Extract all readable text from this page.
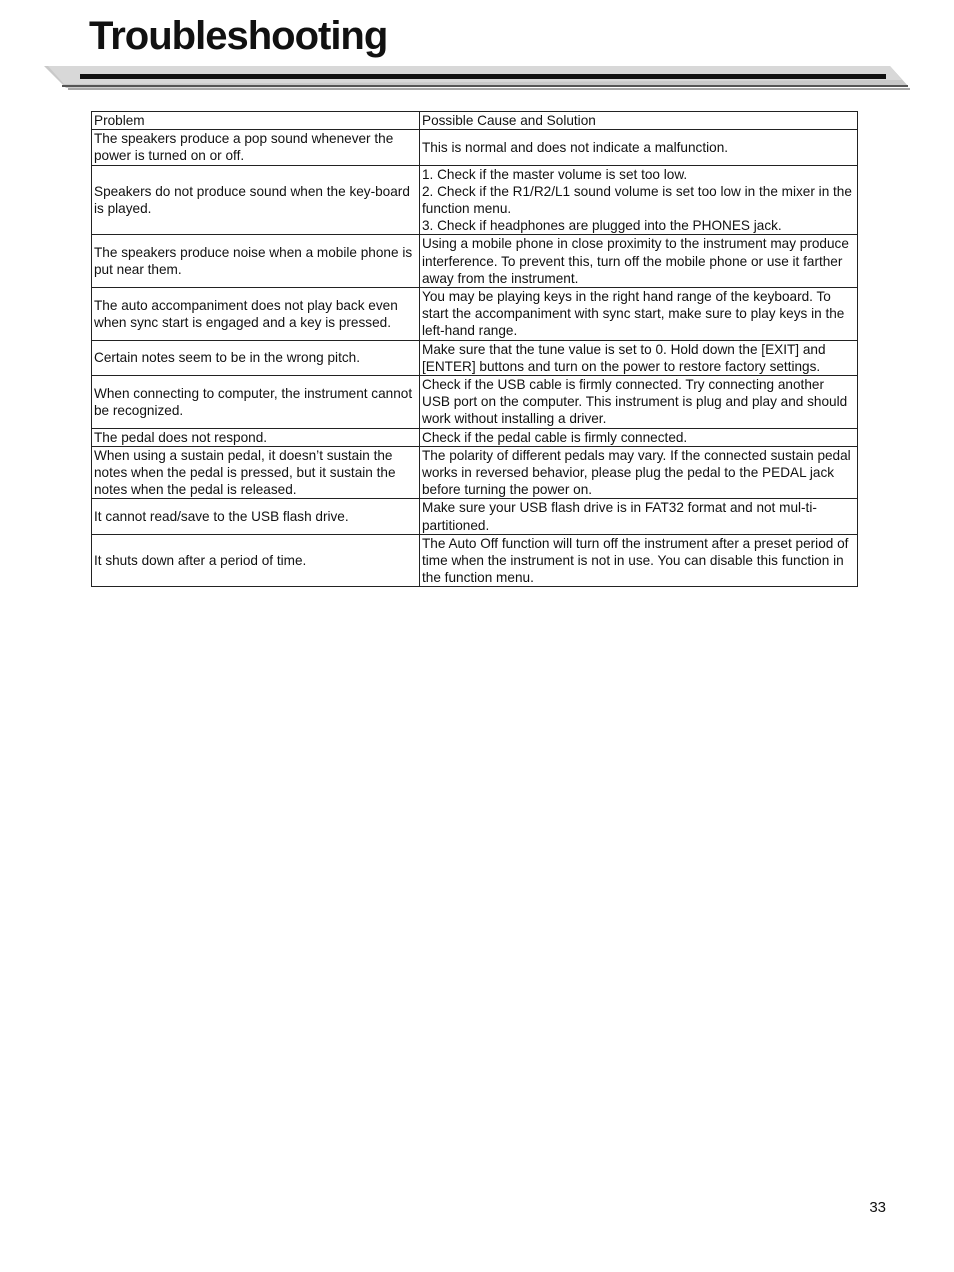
Troubleshooting
Problem	Possible Cause and Solution
The speakers produce a pop sound whenever the power is turned on or off.	This is normal and does not indicate a malfunction.
Speakers do not produce sound when the key-board is played.	1. Check if the master volume is set too low.
2. Check if the R1/R2/L1 sound volume is set too low in the mixer in the function menu.
3. Check if headphones are plugged into the PHONES jack.
The speakers produce noise when a mobile phone is put near them.	Using a mobile phone in close proximity to the instrument may produce interference. To prevent this, turn off the mobile phone or use it farther away from the instrument.
The auto accompaniment does not play back even when sync start is engaged and a key is pressed.	You may be playing keys in the right hand range of the keyboard. To start the accompaniment with sync start, make sure to play keys in the left-hand range.
Certain notes seem to be in the wrong pitch.	Make sure that the tune value is set to 0. Hold down the [EXIT] and [ENTER] buttons and turn on the power to restore factory settings.
When connecting to computer, the instrument cannot be recognized.	Check if the USB cable is firmly connected. Try connecting another USB port on the computer. This instrument is plug and play and should work without installing a driver.
The pedal does not respond.	Check if the pedal cable is firmly connected.
When using a sustain pedal, it doesn’t sustain the notes when the pedal is pressed, but it sustain the notes when the pedal is released.	The polarity of different pedals may vary. If the connected sustain pedal works in reversed behavior, please plug the pedal to the PEDAL jack before turning the power on.
It cannot read/save to the USB flash drive.	Make sure your USB flash drive is in FAT32 format and not mul-ti-partitioned.
It shuts down after a period of time.	The Auto Off function will turn off the instrument after a preset period of time when the instrument is not in use. You can disable this function in the function menu.
33
